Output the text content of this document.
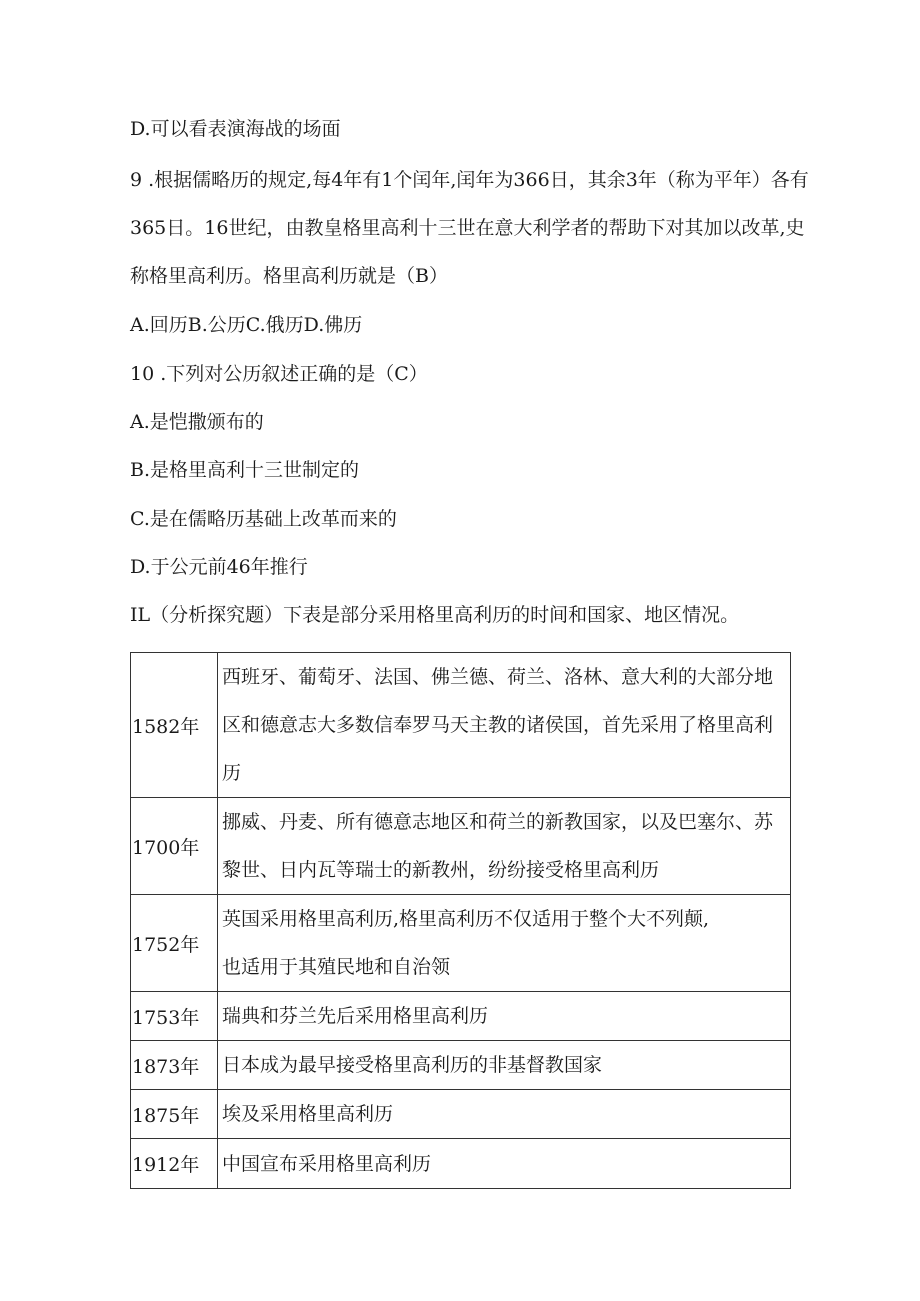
D.可以看表演海战的场面
9 .根据儒略历的规定,每4年有1个闰年,闰年为366日，其余3年（称为平年）各有365日。16世纪，由教皇格里高利十三世在意大利学者的帮助下对其加以改革,史称格里高利历。格里高利历就是（B）
A.回历B.公历C.俄历D.佛历
10 .下列对公历叙述正确的是（C）
A.是恺撒颁布的
B.是格里高利十三世制定的
C.是在儒略历基础上改革而来的
D.于公元前46年推行
IL（分析探究题）下表是部分采用格里高利历的时间和国家、地区情况。
1582年	西班牙、葡萄牙、法国、佛兰德、荷兰、洛林、意大利的大部分地区和德意志大多数信奉罗马天主教的诸侯国，首先采用了格里高利历
1700年	挪威、丹麦、所有德意志地区和荷兰的新教国家，以及巴塞尔、苏黎世、日内瓦等瑞士的新教州，纷纷接受格里高利历
1752年	英国采用格里高利历,格里高利历不仅适用于整个大不列颠,也适用于其殖民地和自治领
1753年	瑞典和芬兰先后采用格里高利历
1873年	日本成为最早接受格里高利历的非基督教国家
1875年	埃及采用格里高利历
1912年	中国宣布采用格里高利历
